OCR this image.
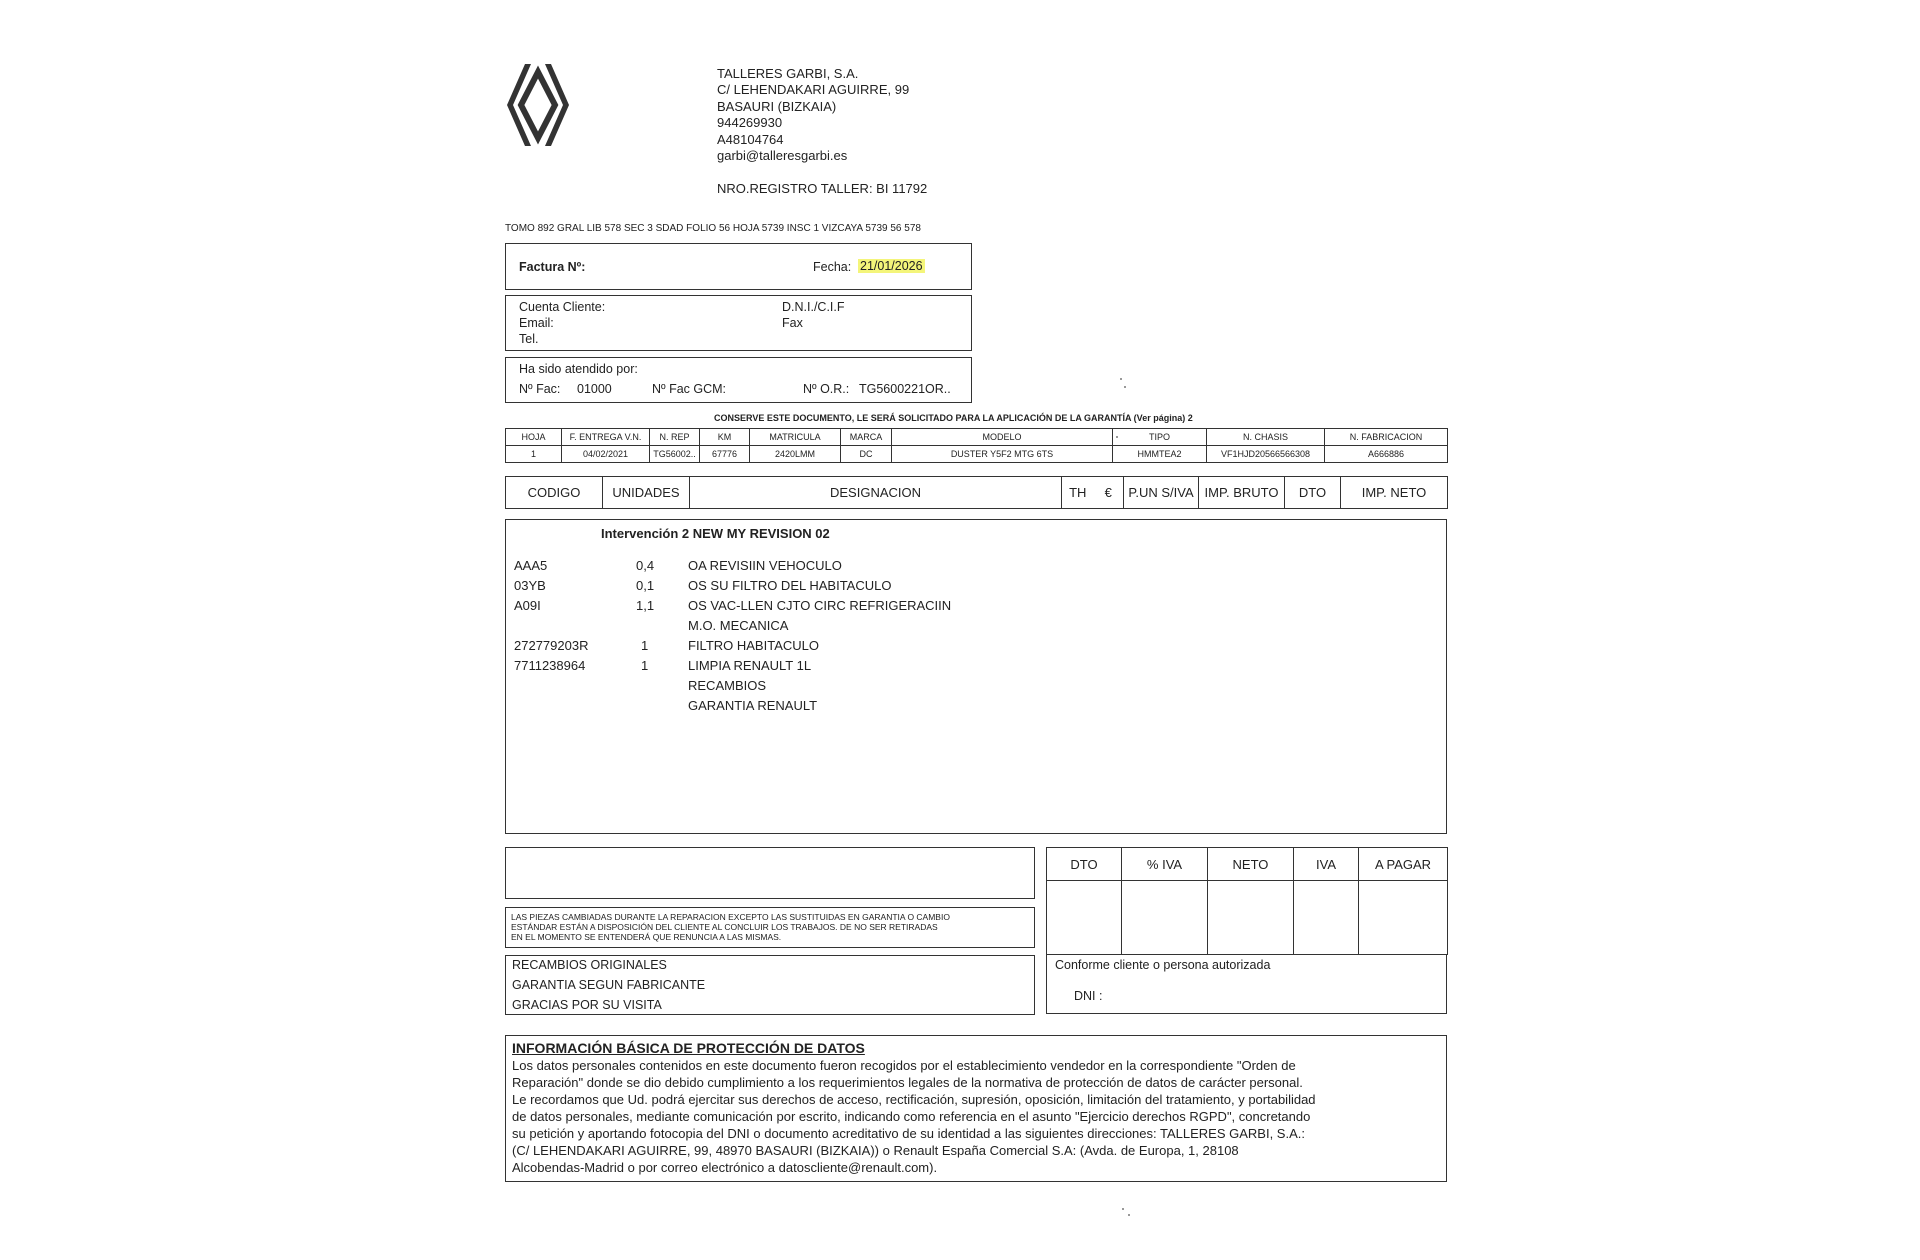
TALLERES GARBI, S.A.
C/ LEHENDAKARI AGUIRRE, 99
BASAURI (BIZKAIA)
944269930
A48104764
garbi@talleresgarbi.es
NRO.REGISTRO TALLER: BI 11792
TOMO 892 GRAL LIB 578 SEC 3 SDAD FOLIO 56 HOJA 5739 INSC 1 VIZCAYA 5739 56 578
Factura Nº:	Fecha: 21/01/2026
Cuenta Cliente:
Email:
Tel.
D.N.I./C.I.F
Fax
Ha sido atendido por:
Nº Fac: 01000	Nº Fac GCM:	Nº O.R.: TG5600221OR..
CONSERVE ESTE DOCUMENTO, LE SERÁ SOLICITADO PARA LA APLICACIÓN DE LA GARANTÍA (Ver página) 2
HOJA	F. ENTREGA V.N.	N. REP	KM	MATRICULA	MARCA	MODELO	TIPO	N. CHASIS	N. FABRICACION
1	04/02/2021	TG56002..	67776	2420LMM	DC	DUSTER Y5F2 MTG 6TS	HMMTEA2	VF1HJD20566566308	A666886
CODIGO	UNIDADES	DESIGNACION	TH	€	P.UN S/IVA	IMP. BRUTO	DTO	IMP. NETO
Intervención 2 NEW MY REVISION 02
AAA5	0,4	OA REVISIIN VEHOCULO
03YB	0,1	OS SU FILTRO DEL HABITACULO
A09I	1,1	OS VAC-LLEN CJTO CIRC REFRIGERACIIN
M.O. MECANICA
272779203R	1	FILTRO HABITACULO
7711238964	1	LIMPIA RENAULT 1L
RECAMBIOS
GARANTIA RENAULT
LAS PIEZAS CAMBIADAS DURANTE LA REPARACION EXCEPTO LAS SUSTITUIDAS EN GARANTIA O CAMBIO
ESTÁNDAR ESTÁN A DISPOSICIÓN DEL CLIENTE AL CONCLUIR LOS TRABAJOS. DE NO SER RETIRADAS
EN EL MOMENTO SE ENTENDERÁ QUE RENUNCIA A LAS MISMAS.
RECAMBIOS ORIGINALES
GARANTIA SEGUN FABRICANTE
GRACIAS POR SU VISITA
DTO	% IVA	NETO	IVA	A PAGAR

Conforme cliente o persona autorizada
DNI :
INFORMACIÓN BÁSICA DE PROTECCIÓN DE DATOS
Los datos personales contenidos en este documento fueron recogidos por el establecimiento vendedor en la correspondiente "Orden de
Reparación" donde se dio debido cumplimiento a los requerimientos legales de la normativa de protección de datos de carácter personal.
Le recordamos que Ud. podrá ejercitar sus derechos de acceso, rectificación, supresión, oposición, limitación del tratamiento, y portabilidad
de datos personales, mediante comunicación por escrito, indicando como referencia en el asunto "Ejercicio derechos RGPD", concretando
su petición y aportando fotocopia del DNI o documento acreditativo de su identidad a las siguientes direcciones: TALLERES GARBI, S.A.:
(C/ LEHENDAKARI AGUIRRE, 99, 48970 BASAURI (BIZKAIA)) o Renault España Comercial S.A: (Avda. de Europa, 1, 28108
Alcobendas-Madrid o por correo electrónico a datoscliente@renault.com).
